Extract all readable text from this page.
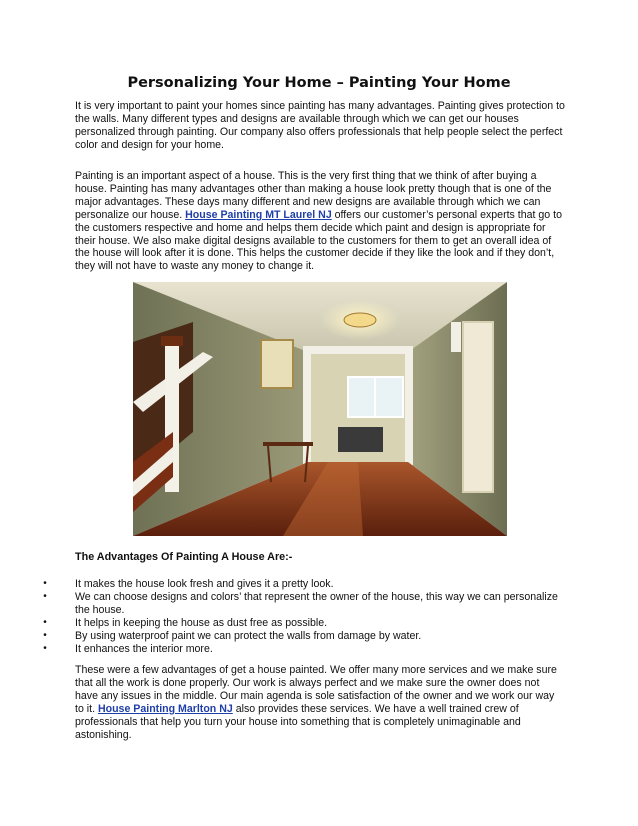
Personalizing Your Home – Painting Your Home

It is very important to paint your homes since painting has many advantages. Painting gives protection to the walls. Many different types and designs are available through which we can get our houses personalized through painting. Our company also offers professionals that help people select the perfect color and design for your home.

Painting is an important aspect of a house. This is the very first thing that we think of after buying a house. Painting has many advantages other than making a house look pretty though that is one of the major advantages. These days many different and new designs are available through which we can personalize our house. House Painting MT Laurel NJ offers our customer’s personal experts that go to the customers respective and home and helps them decide which paint and design is appropriate for their house. We also make digital designs available to the customers for them to get an overall idea of the house will look after it is done. This helps the customer decide if they like the look and if they don’t, they will not have to waste any money to change it.

The Advantages Of Painting A House Are:-
•	It makes the house look fresh and gives it a pretty look.
•	We can choose designs and colors’ that represent the owner of the house, this way we can personalize the house.
•	It helps in keeping the house as dust free as possible.
•	By using waterproof paint we can protect the walls from damage by water.
•	It enhances the interior more.

These were a few advantages of get a house painted. We offer many more services and we make sure that all the work is done properly. Our work is always perfect and we make sure the owner does not have any issues in the middle. Our main agenda is sole satisfaction of the owner and we work our way to it. House Painting Marlton NJ also provides these services. We have a well trained crew of professionals that help you turn your house into something that is completely unimaginable and astonishing.
